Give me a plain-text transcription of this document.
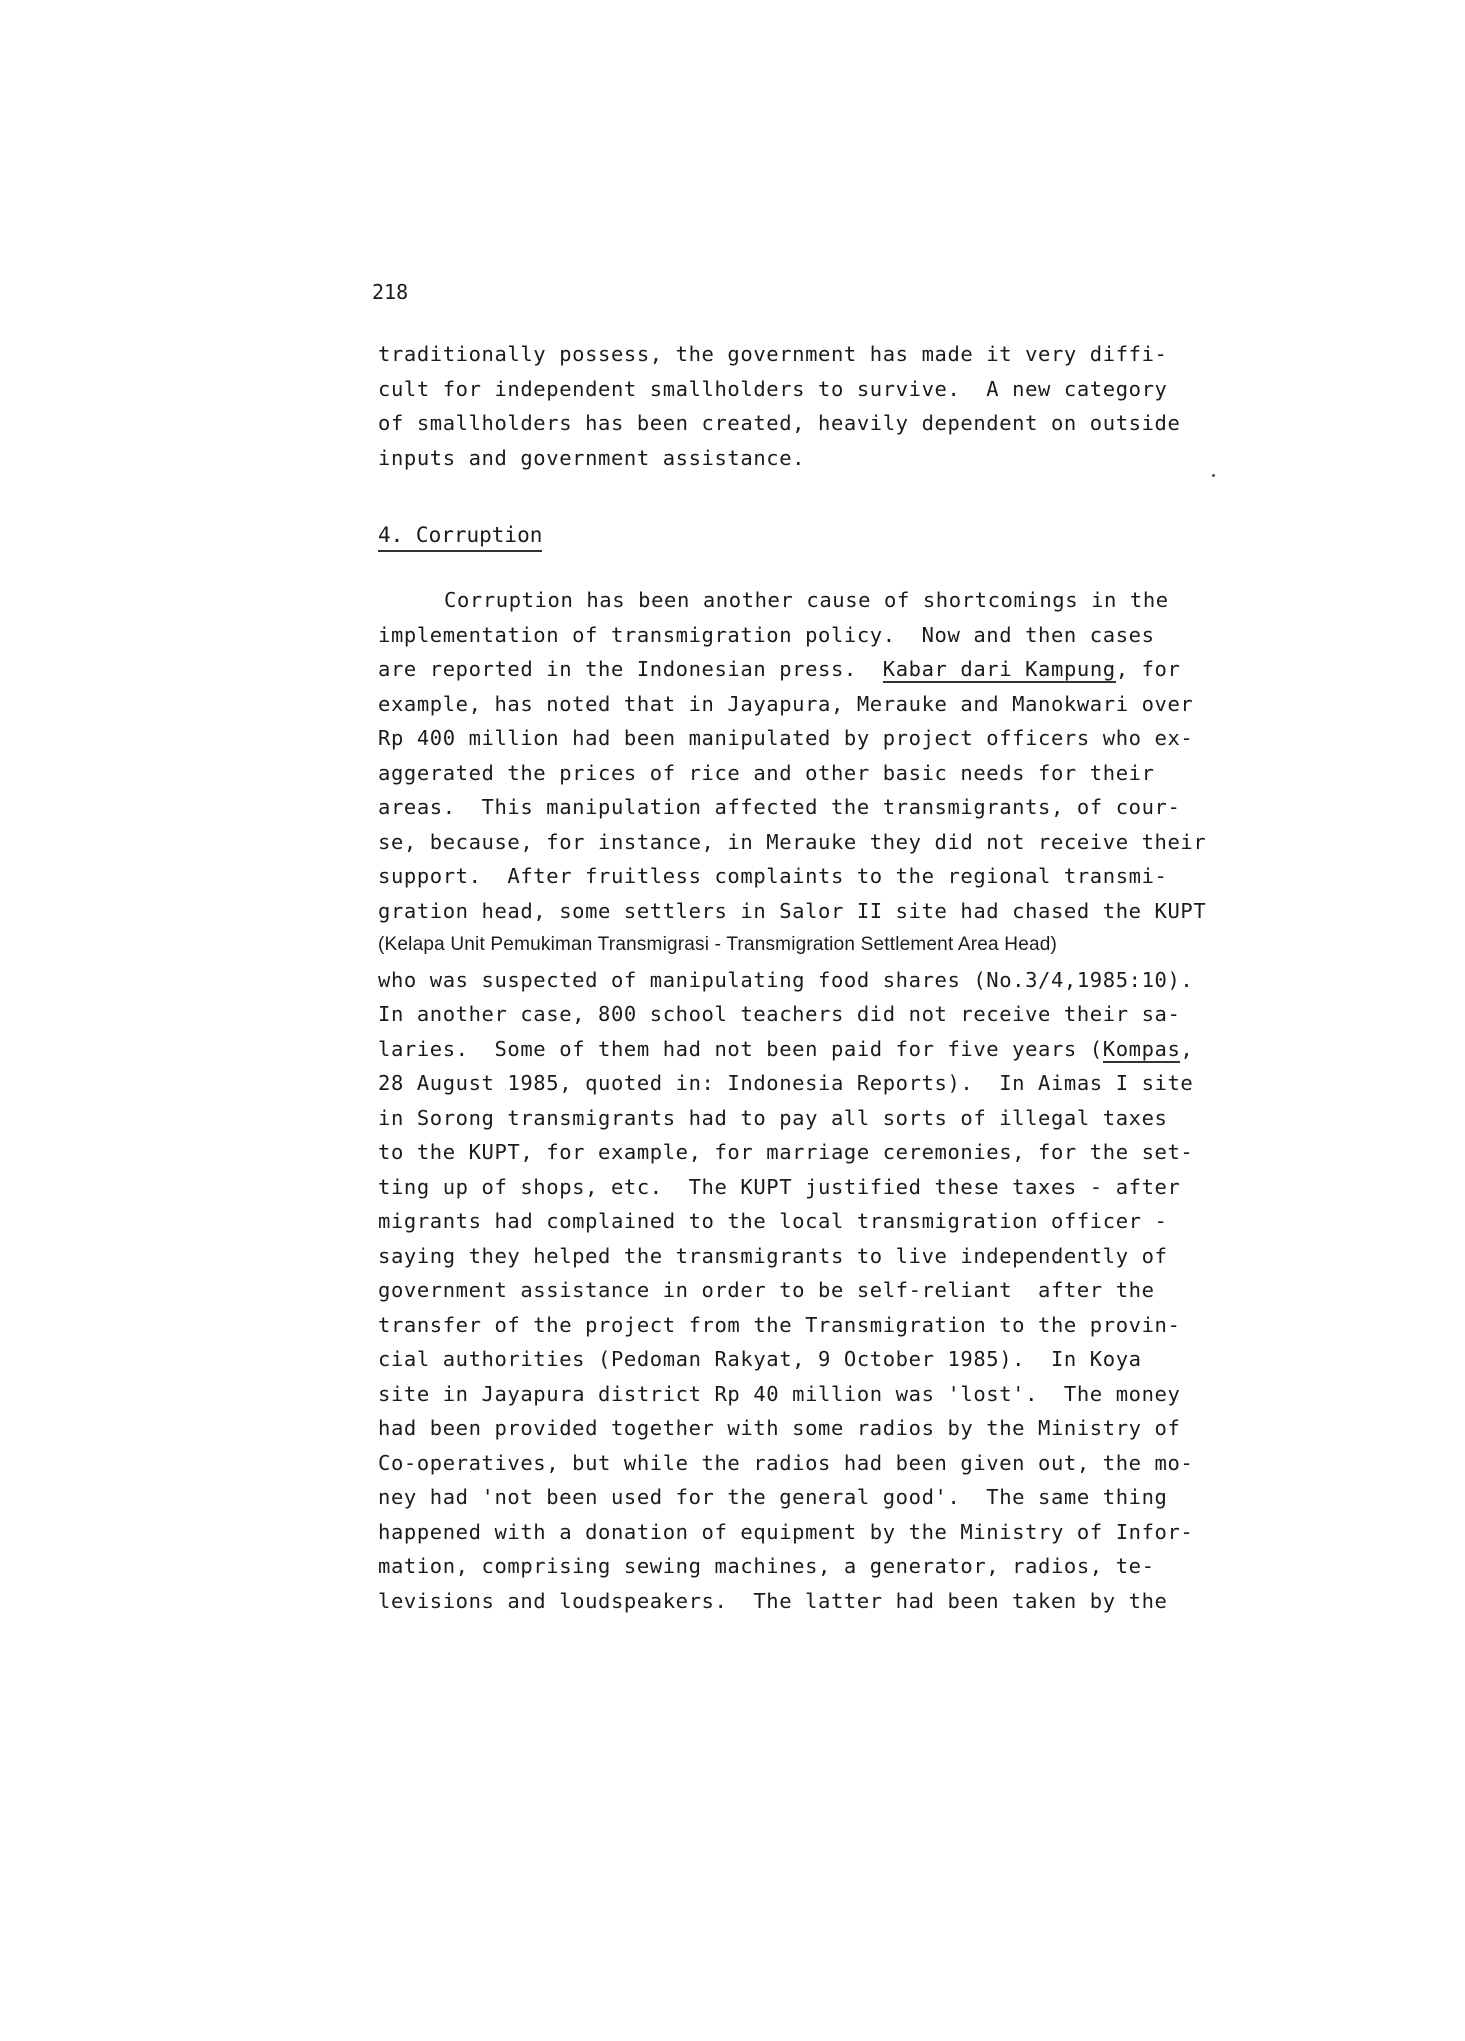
218
traditionally possess, the government has made it very diffi-
cult for independent smallholders to survive.  A new category
of smallholders has been created, heavily dependent on outside
inputs and government assistance.
4. Corruption
Corruption has been another cause of shortcomings in the
implementation of transmigration policy.  Now and then cases
are reported in the Indonesian press.  Kabar dari Kampung, for
example, has noted that in Jayapura, Merauke and Manokwari over
Rp 400 million had been manipulated by project officers who ex-
aggerated the prices of rice and other basic needs for their
areas.  This manipulation affected the transmigrants, of cour-
se, because, for instance, in Merauke they did not receive their
support.  After fruitless complaints to the regional transmi-
gration head, some settlers in Salor II site had chased the KUPT
(Kelapa Unit Pemukiman Transmigrasi - Transmigration Settlement Area Head)
who was suspected of manipulating food shares (No.3/4,1985:10).
In another case, 800 school teachers did not receive their sa-
laries.  Some of them had not been paid for five years (Kompas,
28 August 1985, quoted in: Indonesia Reports).  In Aimas I site
in Sorong transmigrants had to pay all sorts of illegal taxes
to the KUPT, for example, for marriage ceremonies, for the set-
ting up of shops, etc.  The KUPT justified these taxes - after
migrants had complained to the local transmigration officer -
saying they helped the transmigrants to live independently of
government assistance in order to be self-reliant  after the
transfer of the project from the Transmigration to the provin-
cial authorities (Pedoman Rakyat, 9 October 1985).  In Koya
site in Jayapura district Rp 40 million was 'lost'.  The money
had been provided together with some radios by the Ministry of
Co-operatives, but while the radios had been given out, the mo-
ney had 'not been used for the general good'.  The same thing
happened with a donation of equipment by the Ministry of Infor-
mation, comprising sewing machines, a generator, radios, te-
levisions and loudspeakers.  The latter had been taken by the
